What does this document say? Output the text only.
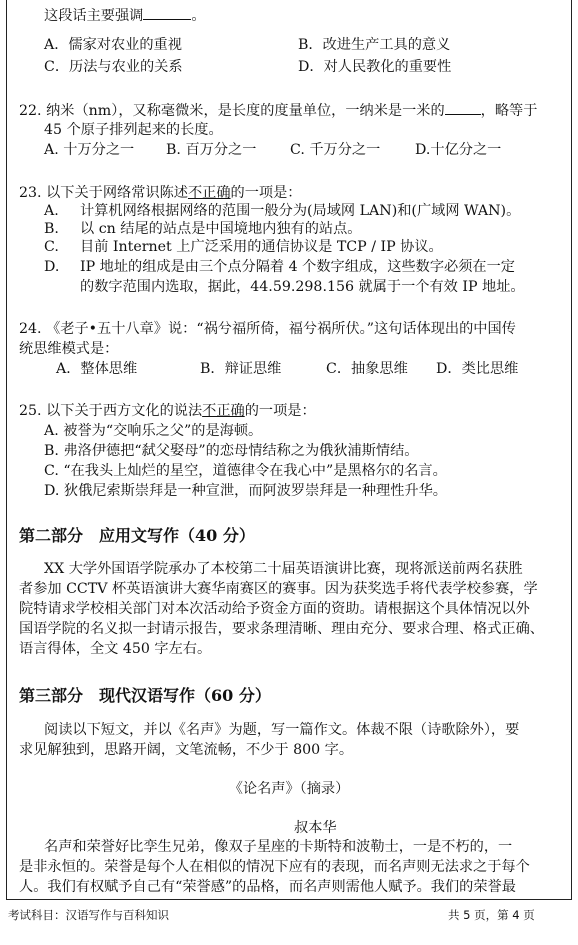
这段话主要强调	。
A．儒家对农业的重视	B．改进生产工具的意义
C．历法与农业的关系	D．对人民教化的重要性
22. 纳米（nm），又称毫微米，是长度的度量单位，一纳米是一米的	，略等于
45 个原子排列起来的长度。
A. 十万分之一 B. 百万分之一 C. 千万分之一 D.十亿分之一
23. 以下关于网络常识陈述不正确的一项是：
A. 计算机网络根据网络的范围一般分为(局域网 LAN)和(广域网 WAN)。
B. 以 cn 结尾的站点是中国境地内独有的站点。
C. 目前 Internet 上广泛采用的通信协议是 TCP / IP 协议。
D. IP 地址的组成是由三个点分隔着 4 个数字组成，这些数字必须在一定
的数字范围内选取，据此，44.59.298.156 就属于一个有效 IP 地址。
24. 《老子•五十八章》说：“祸兮福所倚，福兮祸所伏。”这句话体现出的中国传
统思维模式是：
A．整体思维	B．辩证思维	C．抽象思维 D．类比思维
25. 以下关于西方文化的说法不正确的一项是：
A. 被誉为“交响乐之父”的是海顿。
B. 弗洛伊德把“弑父娶母”的恋母情结称之为俄狄浦斯情结。
C. “在我头上灿烂的星空，道德律令在我心中”是黑格尔的名言。
D. 狄俄尼索斯崇拜是一种宣泄，而阿波罗崇拜是一种理性升华。
第二部分　应用文写作（40 分）
XX 大学外国语学院承办了本校第二十届英语演讲比赛，现将派送前两名获胜
者参加 CCTV 杯英语演讲大赛华南赛区的赛事。因为获奖选手将代表学校参赛，学
院特请求学校相关部门对本次活动给予资金方面的资助。请根据这个具体情况以外
国语学院的名义拟一封请示报告，要求条理清晰、理由充分、要求合理、格式正确、
语言得体，全文 450 字左右。
第三部分　现代汉语写作（60 分）
阅读以下短文，并以《名声》为题，写一篇作文。体裁不限（诗歌除外），要
求见解独到，思路开阔，文笔流畅，不少于 800 字。
《论名声》（摘录）
叔本华
名声和荣誉好比孪生兄弟，像双子星座的卡斯特和波勒士，一是不朽的，一
是非永恒的。荣誉是每个人在相似的情况下应有的表现，而名声则无法求之于每个
人。我们有权赋予自己有“荣誉感”的品格，而名声则需他人赋予。我们的荣誉最
考试科目：汉语写作与百科知识	共 5 页，第 4 页
